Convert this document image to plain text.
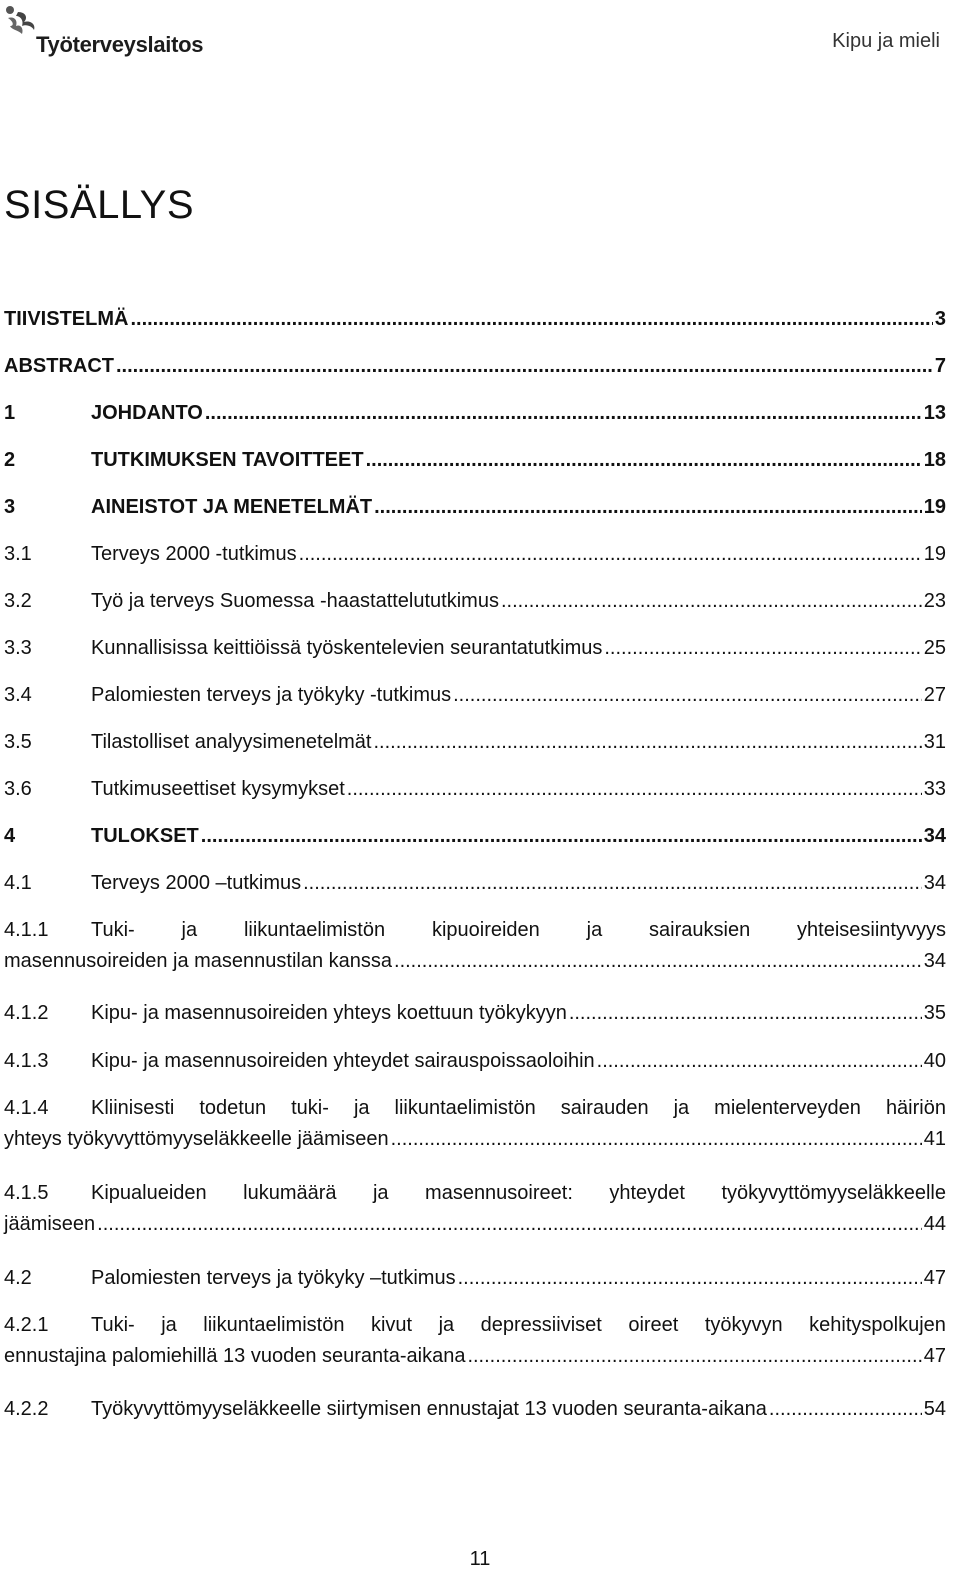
Työterveyslaitos	Kipu ja mieli
SISÄLLYS
TIIVISTELMÄ .....	3
ABSTRACT .....	7
1	JOHDANTO .....	13
2	TUTKIMUKSEN TAVOITTEET .....	18
3	AINEISTOT JA MENETELMÄT .....	19
3.1	Terveys 2000 -tutkimus .....	19
3.2	Työ ja terveys Suomessa -haastattelututkimus .....	23
3.3	Kunnallisissa keittiöissä työskentelevien seurantatutkimus .....	25
3.4	Palomiesten terveys ja työkyky -tutkimus .....	27
3.5	Tilastolliset analyysimenetelmät .....	31
3.6	Tutkimuseettiset kysymykset .....	33
4	TULOKSET .....	34
4.1	Terveys 2000 –tutkimus .....	34
4.1.1	Tuki- ja liikuntaelimistön kipuoireiden ja sairauksien yhteisesiintyvyys
masennusoireiden ja masennustilan kanssa .....	34
4.1.2	Kipu- ja masennusoireiden yhteys koettuun työkykyyn .....	35
4.1.3	Kipu- ja masennusoireiden yhteydet sairauspoissaoloihin .....	40
4.1.4	Kliinisesti todetun tuki- ja liikuntaelimistön sairauden ja mielenterveyden häiriön
yhteys työkyvyttömyyseläkkeelle jäämiseen .....	41
4.1.5	Kipualueiden lukumäärä ja masennusoireet: yhteydet työkyvyttömyyseläkkeelle
jäämiseen .....	44
4.2	Palomiesten terveys ja työkyky –tutkimus .....	47
4.2.1	Tuki- ja liikuntaelimistön kivut ja depressiiviset oireet työkyvyn kehityspolkujen
ennustajina palomiehillä 13 vuoden seuranta-aikana .....	47
4.2.2	Työkyvyttömyyseläkkeelle siirtymisen ennustajat 13 vuoden seuranta-aikana .....	54
11
